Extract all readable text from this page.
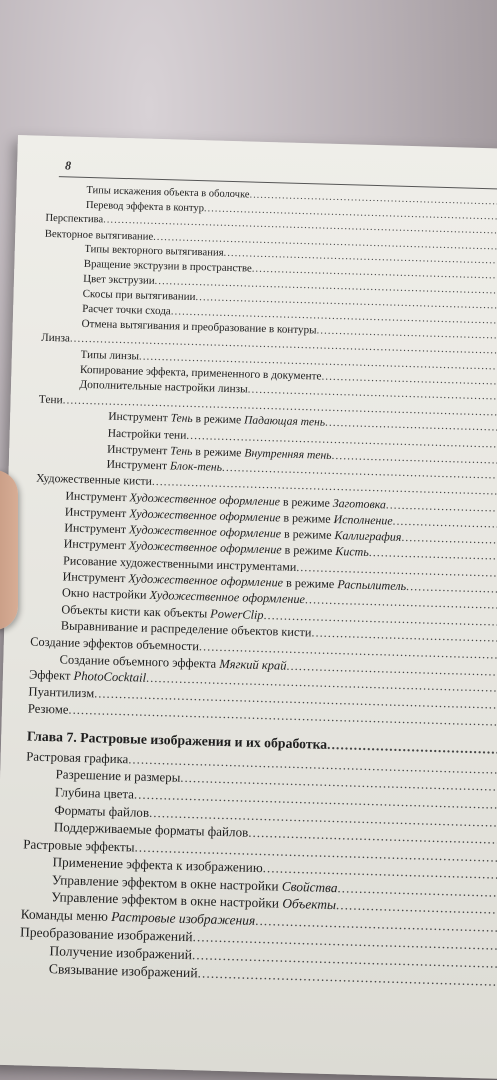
8
Типы искажения объекта в оболочке
.....
Перевод эффекта в контур
.....
Перспектива
.....
Векторное вытягивание
.....
Типы векторного вытягивания
.....
Вращение экструзии в пространстве
.....
Цвет экструзии
.....
Скосы при вытягивании
.....
Расчет точки схода
.....
Отмена вытягивания и преобразование в контуры
.....
Линза
.....
Типы линзы
.....
Копирование эффекта, примененного в документе
.....
Дополнительные настройки линзы
.....
Тени
.....
Инструмент Тень в режиме Падающая тень
.....
Настройки тени
.....
Инструмент Тень в режиме Внутренняя тень
.....
Инструмент Блок-тень
.....
Художественные кисти
.....
Инструмент Художественное оформление в режиме Заготовка
.....
Инструмент Художественное оформление в режиме Исполнение
.....
Инструмент Художественное оформление в режиме Каллиграфия
.....
Инструмент Художественное оформление в режиме Кисть
.....
Рисование художественными инструментами
.....
Инструмент Художественное оформление в режиме Распылитель
.....
Окно настройки Художественное оформление
.....
Объекты кисти как объекты PowerClip
.....
Выравнивание и распределение объектов кисти
.....
Создание эффектов объемности
.....
Создание объемного эффекта Мягкий край
.....
Эффект PhotoCocktail
.....
Пуантилизм
.....
Резюме
.....
Глава 7. Растровые изображения и их обработка
.....
Растровая графика
.....
Разрешение и размеры
.....
Глубина цвета
.....
Форматы файлов
.....
Поддерживаемые форматы файлов
.....
Растровые эффекты
.....
Применение эффекта к изображению
.....
Управление эффектом в окне настройки Свойства
.....
Управление эффектом в окне настройки Объекты
.....
Команды меню Растровые изображения
.....
Преобразование изображений
.....
Получение изображений
.....
Связывание изображений
.....
